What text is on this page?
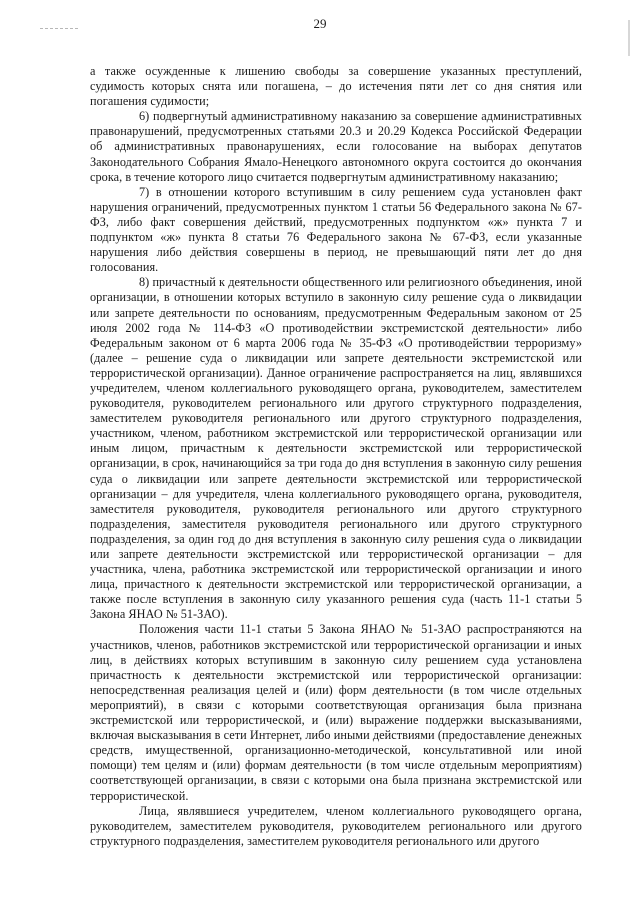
29

а также осужденные к лишению свободы за совершение указанных преступлений, судимость которых снята или погашена, – до истечения пяти лет со дня снятия или погашения судимости;

6) подвергнутый административному наказанию за совершение административных правонарушений, предусмотренных статьями 20.3 и 20.29 Кодекса Российской Федерации об административных правонарушениях, если голосование на выборах депутатов Законодательного Собрания Ямало-Ненецкого автономного округа состоится до окончания срока, в течение которого лицо считается подвергнутым административному наказанию;

7) в отношении которого вступившим в силу решением суда установлен факт нарушения ограничений, предусмотренных пунктом 1 статьи 56 Федерального закона № 67-ФЗ, либо факт совершения действий, предусмотренных подпунктом «ж» пункта 7 и подпунктом «ж» пункта 8 статьи 76 Федерального закона № 67-ФЗ, если указанные нарушения либо действия совершены в период, не превышающий пяти лет до дня голосования.

8) причастный к деятельности общественного или религиозного объединения, иной организации, в отношении которых вступило в законную силу решение суда о ликвидации или запрете деятельности по основаниям, предусмотренным Федеральным законом от 25 июля 2002 года № 114-ФЗ «О противодействии экстремистской деятельности» либо Федеральным законом от 6 марта 2006 года № 35-ФЗ «О противодействии терроризму» (далее – решение суда о ликвидации или запрете деятельности экстремистской или террористической организации). Данное ограничение распространяется на лиц, являвшихся учредителем, членом коллегиального руководящего органа, руководителем, заместителем руководителя, руководителем регионального или другого структурного подразделения, заместителем руководителя регионального или другого структурного подразделения, участником, членом, работником экстремистской или террористической организации или иным лицом, причастным к деятельности экстремистской или террористической организации, в срок, начинающийся за три года до дня вступления в законную силу решения суда о ликвидации или запрете деятельности экстремистской или террористической организации – для учредителя, члена коллегиального руководящего органа, руководителя, заместителя руководителя, руководителя регионального или другого структурного подразделения, заместителя руководителя регионального или другого структурного подразделения, за один год до дня вступления в законную силу решения суда о ликвидации или запрете деятельности экстремистской или террористической организации – для участника, члена, работника экстремистской или террористической организации и иного лица, причастного к деятельности экстремистской или террористической организации, а также после вступления в законную силу указанного решения суда (часть 11-1 статьи 5 Закона ЯНАО № 51-ЗАО).

Положения части 11-1 статьи 5 Закона ЯНАО № 51-ЗАО распространяются на участников, членов, работников экстремистской или террористической организации и иных лиц, в действиях которых вступившим в законную силу решением суда установлена причастность к деятельности экстремистской или террористической организации: непосредственная реализация целей и (или) форм деятельности (в том числе отдельных мероприятий), в связи с которыми соответствующая организация была признана экстремистской или террористической, и (или) выражение поддержки высказываниями, включая высказывания в сети Интернет, либо иными действиями (предоставление денежных средств, имущественной, организационно-методической, консультативной или иной помощи) тем целям и (или) формам деятельности (в том числе отдельным мероприятиям) соответствующей организации, в связи с которыми она была признана экстремистской или террористической.

Лица, являвшиеся учредителем, членом коллегиального руководящего органа, руководителем, заместителем руководителя, руководителем регионального или другого структурного подразделения, заместителем руководителя регионального или другого
